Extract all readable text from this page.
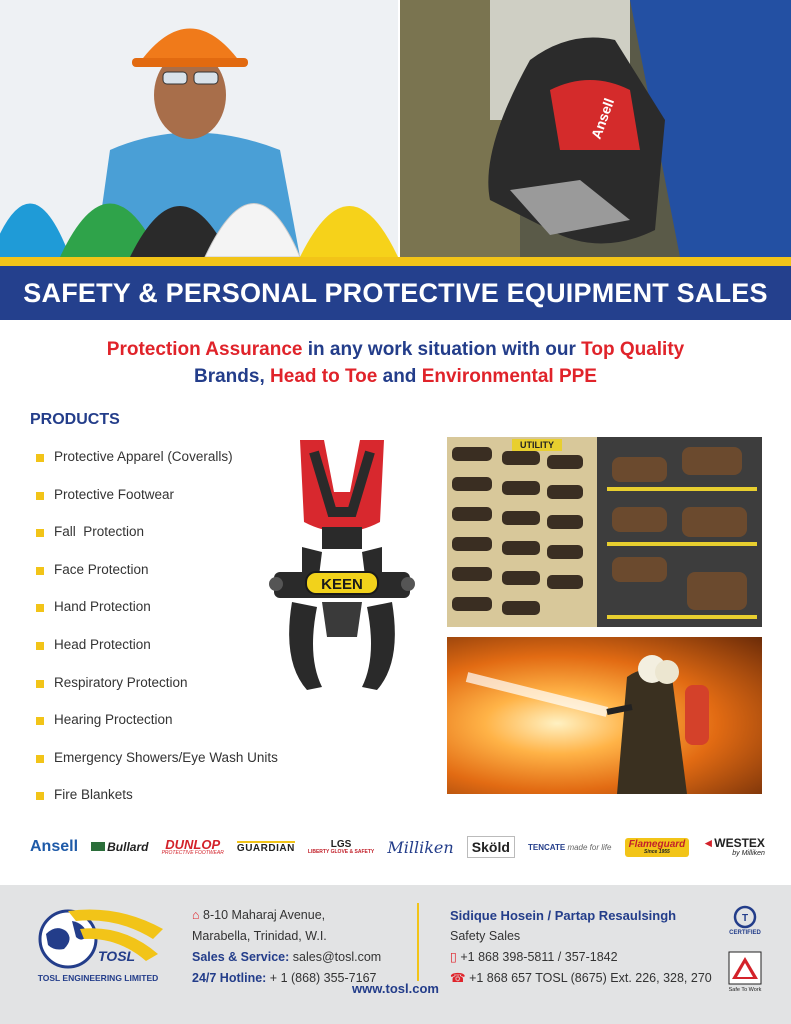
Ansell
SAFETY & PERSONAL PROTECTIVE EQUIPMENT SALES
Protection Assurance in any work situation with our Top Quality
Brands, Head to Toe and Environmental PPE
PRODUCTS
Protective Apparel (Coveralls)
Protective Footwear
Fall  Protection
Face Protection
Hand Protection
Head Protection
Respiratory Protection
Hearing Proctection
Emergency Showers/Eye Wash Units
Fire Blankets
KEEN
UTILITY
Ansell	Bullard DUNLOP
PROTECTIVE FOOTWEAR GUARDIAN	LGS
LIBERTY GLOVE & SAFETY Milliken	Sköld	TENCATE made for life Flameguard
Since 1955
◄WESTEX
by Milliken
TOSL
TOSL ENGINEERING LIMITED
⌂ 8-10 Maharaj Avenue,
Marabella, Trinidad, W.I.
Sales & Service: sales@tosl.com
24/7 Hotline: + 1 (868) 355-7167
Sidique Hosein / Partap Resaulsingh
Safety Sales
▯ +1 868 398-5811 / 357-1842
☎ +1 868 657 TOSL (8675) Ext. 226, 328, 270
www.tosl.com
T
CERTIFIED
Safe To Work
